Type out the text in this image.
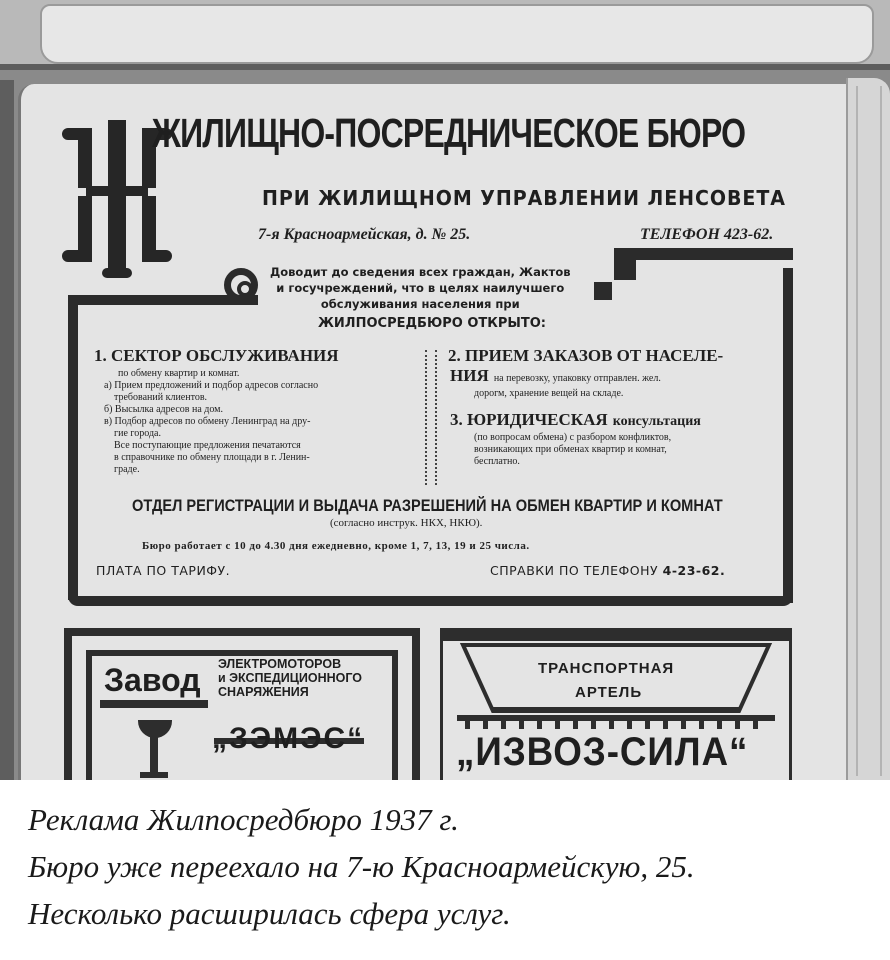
ЖИЛИЩНО-ПОСРЕДНИЧЕСКОЕ БЮРО
ПРИ ЖИЛИЩНОМ УПРАВЛЕНИИ ЛЕНСОВЕТА
7-я Красноармейская, д. № 25.	ТЕЛЕФОН 423-62.
Доводит до сведения всех граждан, Жактов
и госучреждений, что в целях наилучшего
обслуживания населения при
ЖИЛПОСРЕДБЮРО ОТКРЫТО:
1. СЕКТОР ОБСЛУЖИВАНИЯ
по обмену квартир и комнат.
а) Прием предложений и подбор адресов согласно
требований клиентов.
б) Высылка адресов на дом.
в) Подбор адресов по обмену Ленинград на дру-
гие города.
Все поступающие предложения печатаются
в справочнике по обмену площади в г. Ленин-
граде.
2. ПРИЕМ ЗАКАЗОВ ОТ НАСЕЛЕ-
НИЯ на перевозку, упаковку отправлен. жел.
дорогм, хранение вещей на складе.
3. ЮРИДИЧЕСКАЯ консультация
(по вопросам обмена) с разбором конфликтов,
возникающих при обменах квартир и комнат,
бесплатно.
ОТДЕЛ РЕГИСТРАЦИИ И ВЫДАЧА РАЗРЕШЕНИЙ НА ОБМЕН КВАРТИР И КОМНАТ
(согласно инструк. НКХ, НКЮ).
Бюро работает с 10 до 4.30 дня ежедневно, кроме 1, 7, 13, 19 и 25 числа.
ПЛАТА ПО ТАРИФУ.	СПРАВКИ ПО ТЕЛЕФОНУ 4-23-62.
Завод ЭЛЕКТРОМОТОРОВ
и ЭКСПЕДИЦИОННОГО
СНАРЯЖЕНИЯ
„ЗЭМЭС“
ТРАНСПОРТНАЯ
АРТЕЛЬ
„ИЗВОЗ-СИЛА“
Реклама Жилпосредбюро 1937 г.
Бюро уже переехало на 7-ю Красноармейскую, 25.
Несколько расширилась сфера услуг.
